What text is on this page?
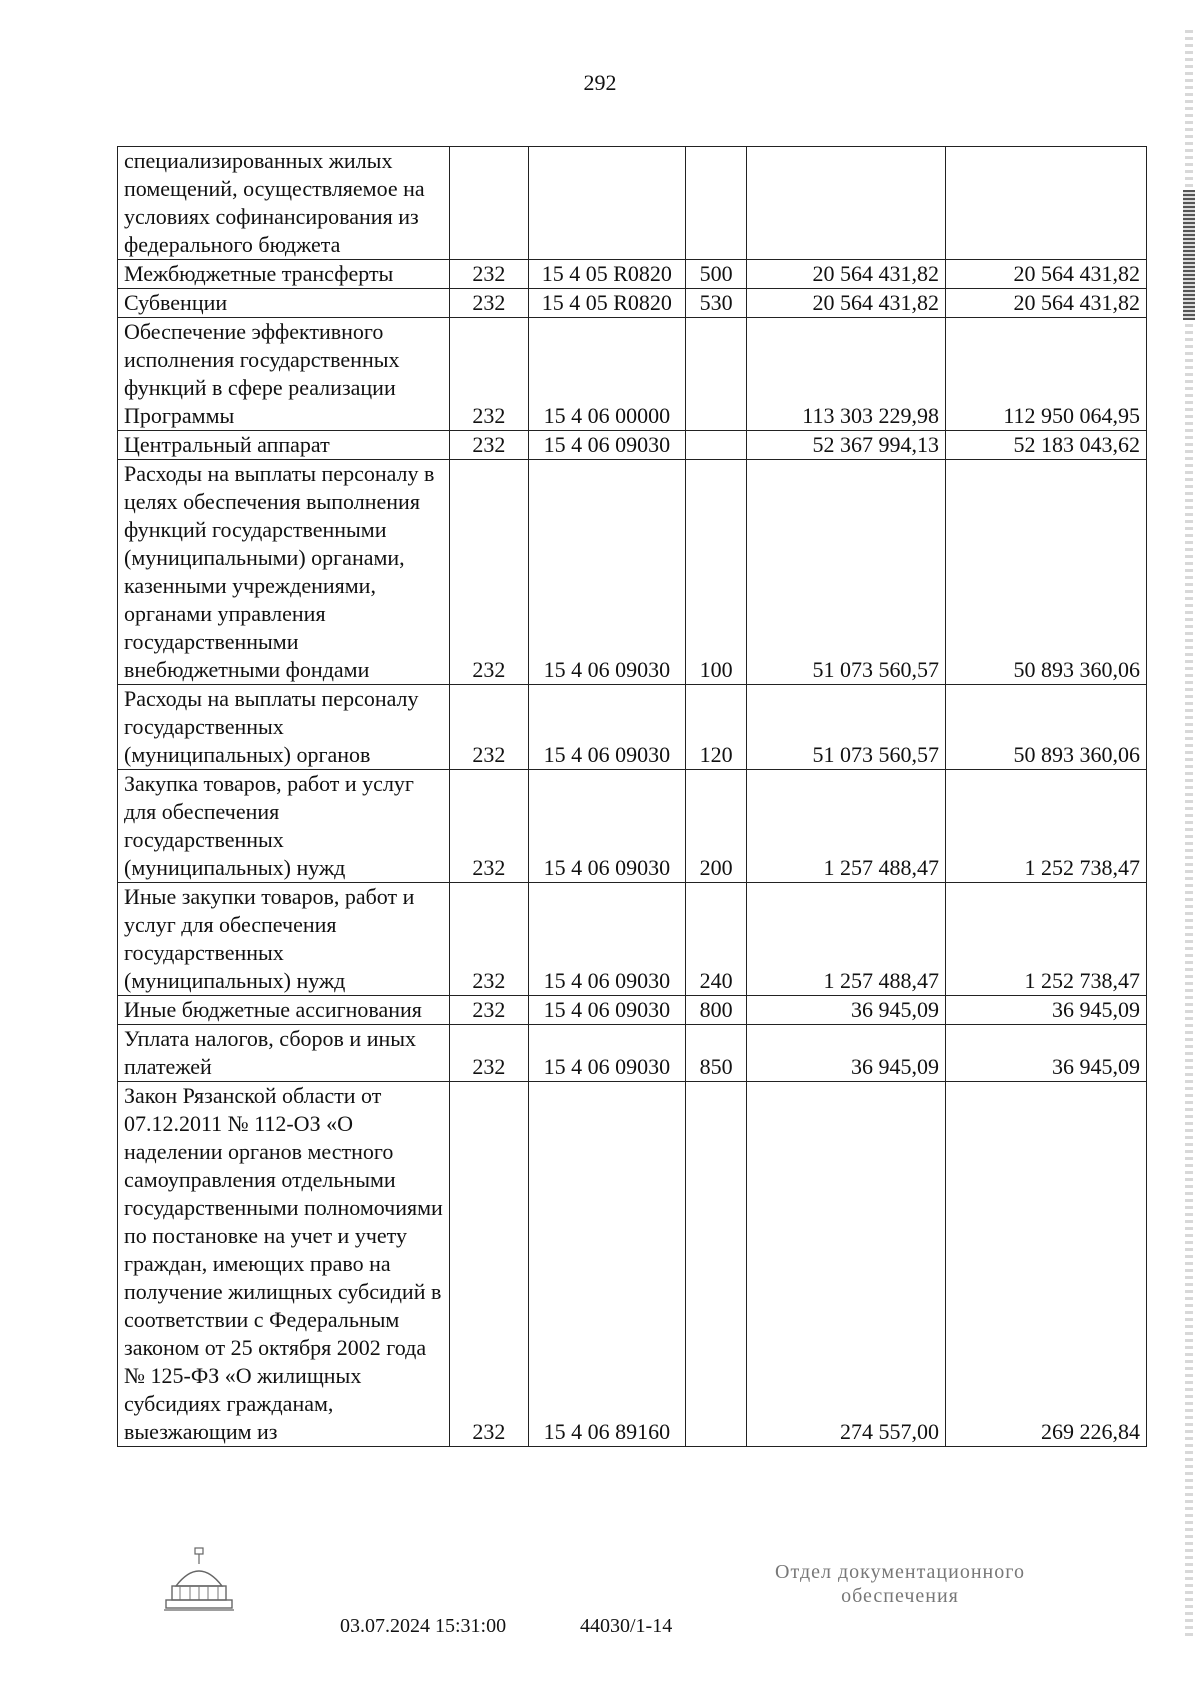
292
специализированных жилых помещений, осуществляемое на условиях софинансирования из федерального бюджета					
Межбюджетные трансферты	232	15 4 05 R0820	500	20 564 431,82	20 564 431,82
Субвенции	232	15 4 05 R0820	530	20 564 431,82	20 564 431,82
Обеспечение эффективного исполнения государственных функций в сфере реализации Программы	232	15 4 06 00000		113 303 229,98	112 950 064,95
Центральный аппарат	232	15 4 06 09030		52 367 994,13	52 183 043,62
Расходы на выплаты персоналу в целях обеспечения выполнения функций государственными (муниципальными) органами, казенными учреждениями, органами управления государственными внебюджетными фондами	232	15 4 06 09030	100	51 073 560,57	50 893 360,06
Расходы на выплаты персоналу государственных (муниципальных) органов	232	15 4 06 09030	120	51 073 560,57	50 893 360,06
Закупка товаров, работ и услуг для обеспечения государственных (муниципальных) нужд	232	15 4 06 09030	200	1 257 488,47	1 252 738,47
Иные закупки товаров, работ и услуг для обеспечения государственных (муниципальных) нужд	232	15 4 06 09030	240	1 257 488,47	1 252 738,47
Иные бюджетные ассигнования	232	15 4 06 09030	800	36 945,09	36 945,09
Уплата налогов, сборов и иных платежей	232	15 4 06 09030	850	36 945,09	36 945,09
Закон Рязанской области от 07.12.2011 № 112-ОЗ «О наделении органов местного самоуправления отдельными государственными полномочиями по постановке на учет и учету граждан, имеющих право на получение жилищных субсидий в соответствии с Федеральным законом от 25 октября 2002 года № 125-ФЗ «О жилищных субсидиях гражданам, выезжающим из	232	15 4 06 89160		274 557,00	269 226,84
03.07.2024 15:31:00	44030/1-14
Отдел документационного обеспечения
